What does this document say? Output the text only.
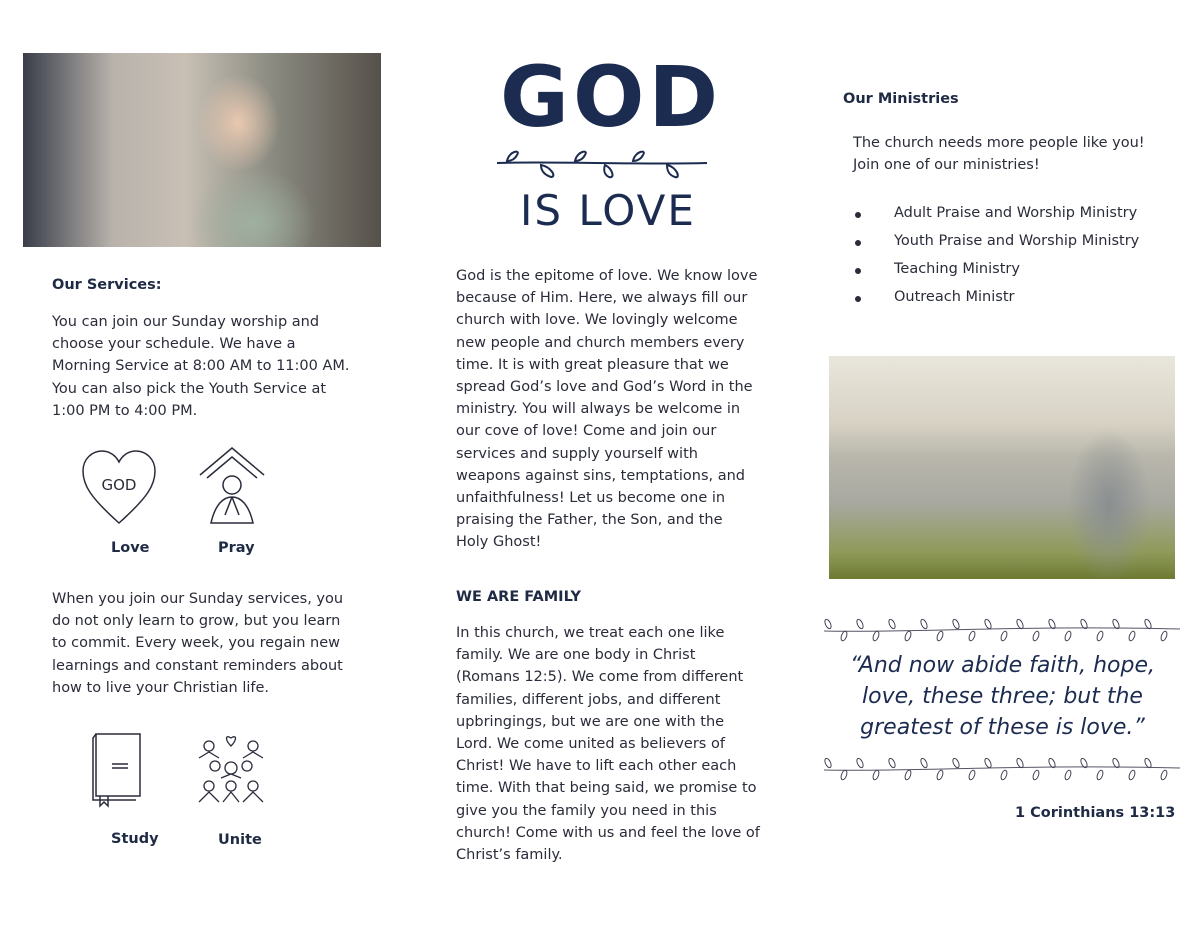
Our Services:
You can join our Sunday worship and
choose your schedule. We have a
Morning Service at 8:00 AM to 11:00 AM.
You can also pick the Youth Service at
1:00 PM to 4:00 PM.
GOD
Love	Pray
When you join our Sunday services, you
do not only learn to grow, but you learn
to commit. Every week, you regain new
learnings and constant reminders about
how to live your Christian life.
Study	Unite
GOD
IS LOVE
God is the epitome of love. We know love
because of Him. Here, we always fill our
church with love. We lovingly welcome
new people and church members every
time. It is with great pleasure that we
spread God’s love and God’s Word in the
ministry. You will always be welcome in
our cove of love! Come and join our
services and supply yourself with
weapons against sins, temptations, and
unfaithfulness! Let us become one in
praising the Father, the Son, and the
Holy Ghost!
WE ARE FAMILY
In this church, we treat each one like
family. We are one body in Christ
(Romans 12:5). We come from different
families, different jobs, and different
upbringings, but we are one with the
Lord. We come united as believers of
Christ! We have to lift each other each
time. With that being said, we promise to
give you the family you need in this
church! Come with us and feel the love of
Christ’s family.
Our Ministries
The church needs more people like you!
Join one of our ministries!
Adult Praise and Worship Ministry
Youth Praise and Worship Ministry
Teaching Ministry
Outreach Ministr
“And now abide faith, hope,
love, these three; but the
greatest of these is love.”
1 Corinthians 13:13
